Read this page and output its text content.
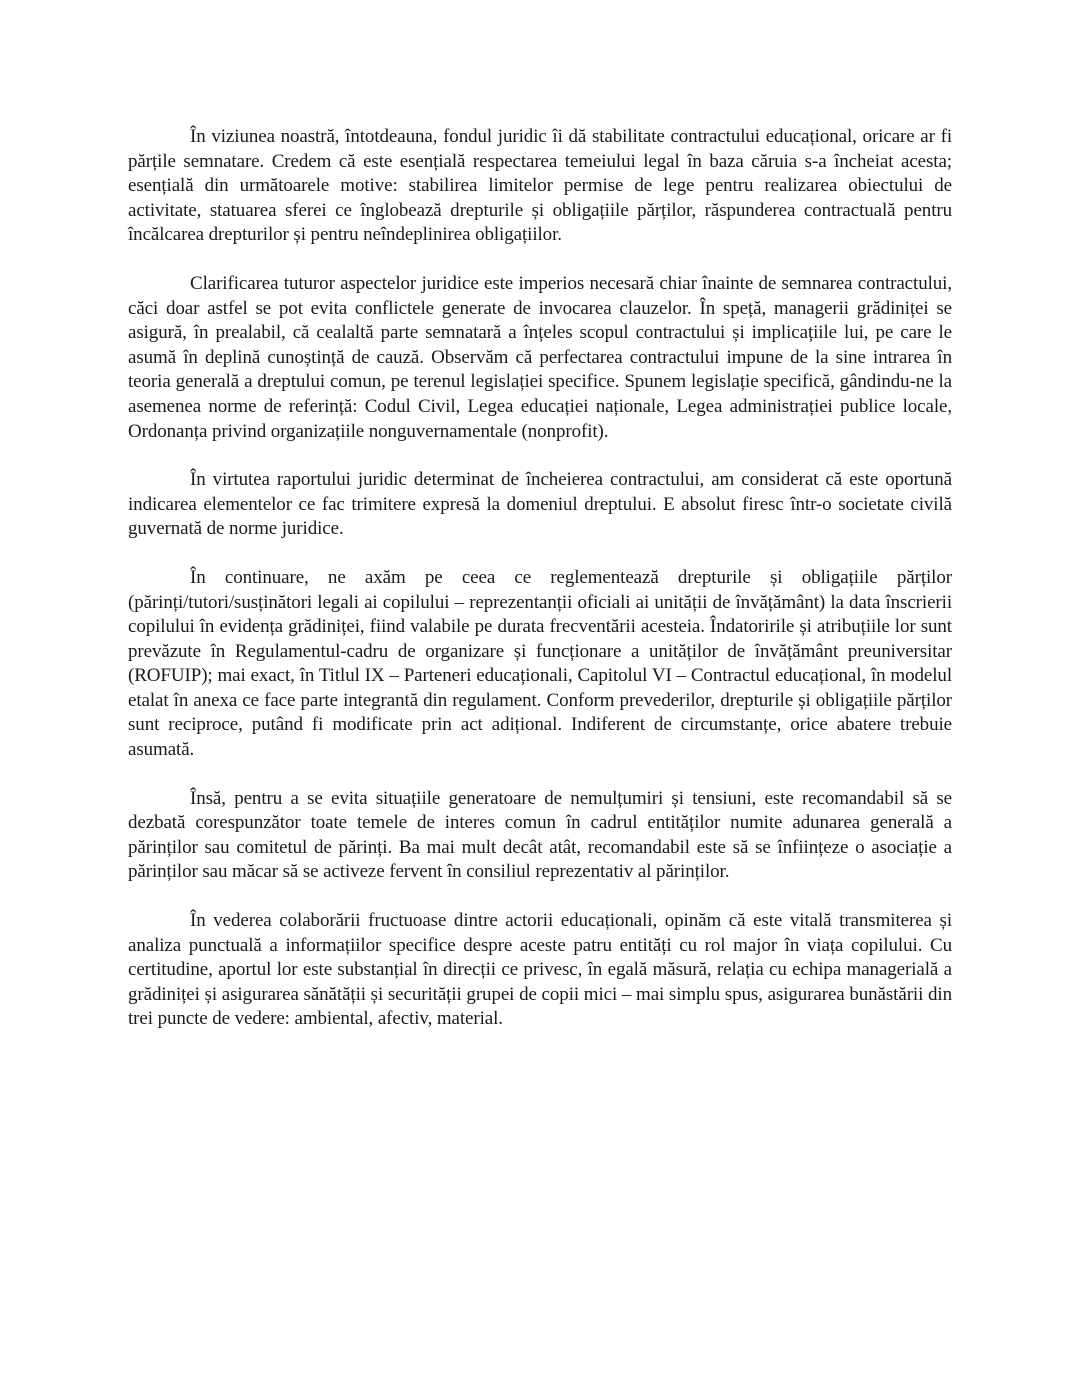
În viziunea noastră, întotdeauna, fondul juridic îi dă stabilitate contractului educațional, oricare ar fi părțile semnatare. Credem că este esențială respectarea temeiului legal în baza căruia s-a încheiat acesta; esențială din următoarele motive: stabilirea limitelor permise de lege pentru realizarea obiectului de activitate, statuarea sferei ce înglobează drepturile și obligațiile părților, răspunderea contractuală pentru încălcarea drepturilor și pentru neîndeplinirea obligațiilor.

Clarificarea tuturor aspectelor juridice este imperios necesară chiar înainte de semnarea contractului, căci doar astfel se pot evita conflictele generate de invocarea clauzelor. În speță, managerii grădiniței se asigură, în prealabil, că cealaltă parte semnatară a înțeles scopul contractului și implicațiile lui, pe care le asumă în deplină cunoștință de cauză. Observăm că perfectarea contractului impune de la sine intrarea în teoria generală a dreptului comun, pe terenul legislației specifice. Spunem legislație specifică, gândindu-ne la asemenea norme de referință: Codul Civil, Legea educației naționale, Legea administrației publice locale, Ordonanța privind organizațiile nonguvernamentale (nonprofit).

În virtutea raportului juridic determinat de încheierea contractului, am considerat că este oportună indicarea elementelor ce fac trimitere expresă la domeniul dreptului. E absolut firesc într-o societate civilă guvernată de norme juridice.

În continuare, ne axăm pe ceea ce reglementează drepturile și obligațiile părților (părinți/tutori/susținători legali ai copilului – reprezentanții oficiali ai unității de învățământ) la data înscrierii copilului în evidența grădiniței, fiind valabile pe durata frecventării acesteia. Îndatoririle și atribuțiile lor sunt prevăzute în Regulamentul-cadru de organizare și funcționare a unităților de învățământ preuniversitar (ROFUIP); mai exact, în Titlul IX – Parteneri educaționali, Capitolul VI – Contractul educațional, în modelul etalat în anexa ce face parte integrantă din regulament. Conform prevederilor, drepturile și obligațiile părților sunt reciproce, putând fi modificate prin act adițional. Indiferent de circumstanțe, orice abatere trebuie asumată.

Însă, pentru a se evita situațiile generatoare de nemulțumiri și tensiuni, este recomandabil să se dezbată corespunzător toate temele de interes comun în cadrul entităților numite adunarea generală a părinților sau comitetul de părinți. Ba mai mult decât atât, recomandabil este să se înființeze o asociație a părinților sau măcar să se activeze fervent în consiliul reprezentativ al părinților.

În vederea colaborării fructuoase dintre actorii educaționali, opinăm că este vitală transmiterea și analiza punctuală a informațiilor specifice despre aceste patru entități cu rol major în viața copilului. Cu certitudine, aportul lor este substanțial în direcții ce privesc, în egală măsură, relația cu echipa managerială a grădiniței și asigurarea sănătății și securității grupei de copii mici – mai simplu spus, asigurarea bunăstării din trei puncte de vedere: ambiental, afectiv, material.
